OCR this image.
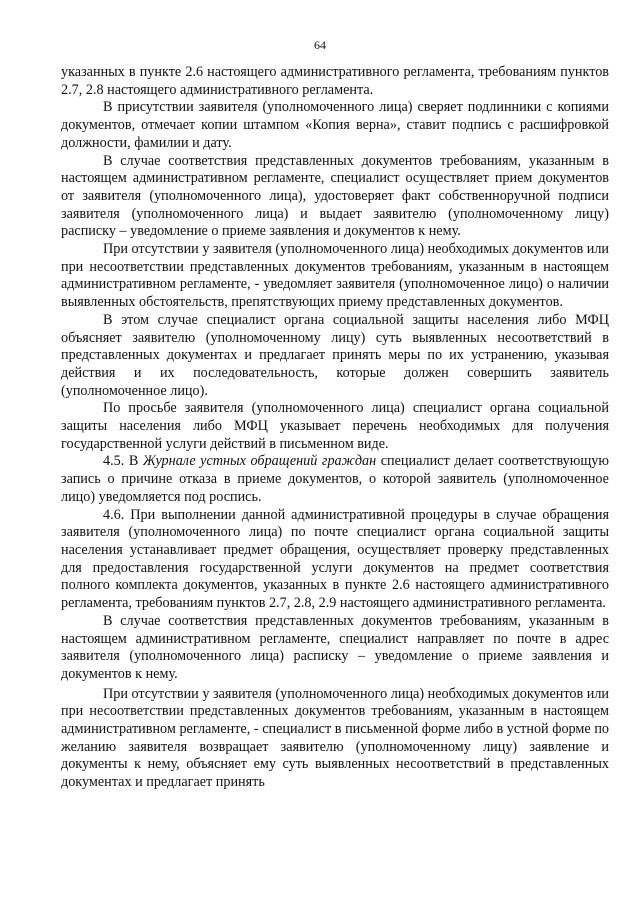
64

указанных в пункте 2.6 настоящего административного регламента, требованиям пунктов 2.7, 2.8 настоящего административного регламента.

В присутствии заявителя (уполномоченного лица) сверяет подлинники с копиями документов, отмечает копии штампом «Копия верна», ставит подпись с расшифровкой должности, фамилии и дату.

В случае соответствия представленных документов требованиям, указанным в настоящем административном регламенте, специалист осуществляет прием документов от заявителя (уполномоченного лица), удостоверяет факт собственноручной подписи заявителя (уполномоченного лица) и выдает заявителю (уполномоченному лицу) расписку – уведомление о приеме заявления и документов к нему.

При отсутствии у заявителя (уполномоченного лица) необходимых документов или при несоответствии представленных документов требованиям, указанным в настоящем административном регламенте, - уведомляет заявителя (уполномоченное лицо) о наличии выявленных обстоятельств, препятствующих приему представленных документов.

В этом случае специалист органа социальной защиты населения либо МФЦ объясняет заявителю (уполномоченному лицу) суть выявленных несоответствий в представленных документах и предлагает принять меры по их устранению, указывая действия и их последовательность, которые должен совершить заявитель (уполномоченное лицо).

По просьбе заявителя (уполномоченного лица) специалист органа социальной защиты населения либо МФЦ указывает перечень необходимых для получения государственной услуги действий в письменном виде.

4.5. В Журнале устных обращений граждан специалист делает соответствующую запись о причине отказа в приеме документов, о которой заявитель (уполномоченное лицо) уведомляется под роспись.

4.6. При выполнении данной административной процедуры в случае обращения заявителя (уполномоченного лица) по почте специалист органа социальной защиты населения устанавливает предмет обращения, осуществляет проверку представленных для предоставления государственной услуги документов на предмет соответствия полного комплекта документов, указанных в пункте 2.6 настоящего административного регламента, требованиям пунктов 2.7, 2.8, 2.9 настоящего административного регламента.

В случае соответствия представленных документов требованиям, указанным в настоящем административном регламенте, специалист направляет по почте в адрес заявителя (уполномоченного лица) расписку – уведомление о приеме заявления и документов к нему.

При отсутствии у заявителя (уполномоченного лица) необходимых документов или при несоответствии представленных документов требованиям, указанным в настоящем административном регламенте, - специалист в письменной форме либо в устной форме по желанию заявителя возвращает заявителю (уполномоченному лицу) заявление и документы к нему, объясняет ему суть выявленных несоответствий в представленных документах и предлагает принять
